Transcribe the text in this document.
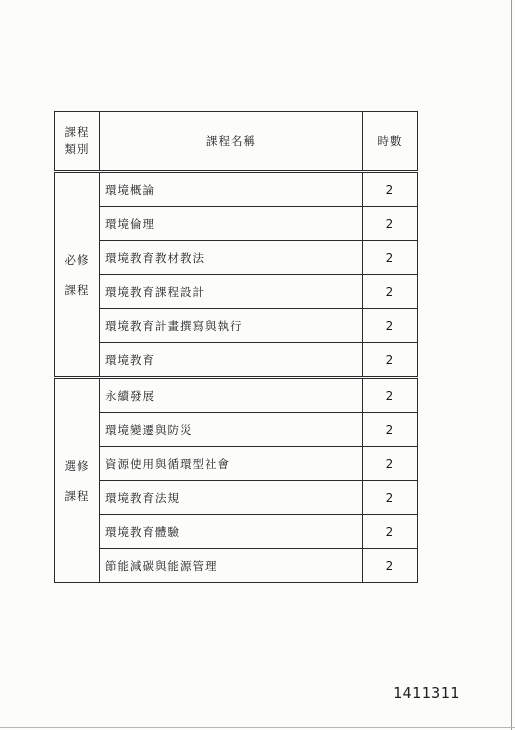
課程
類別	課程名稱	時數

必修
課程	環境概論	2
	環境倫理	2
	環境教育教材教法	2
	環境教育課程設計	2
	環境教育計畫撰寫與執行	2
	環境教育	2

選修
課程	永續發展	2
	環境變遷與防災	2
	資源使用與循環型社會	2
	環境教育法規	2
	環境教育體驗	2
	節能減碳與能源管理	2
1411311
